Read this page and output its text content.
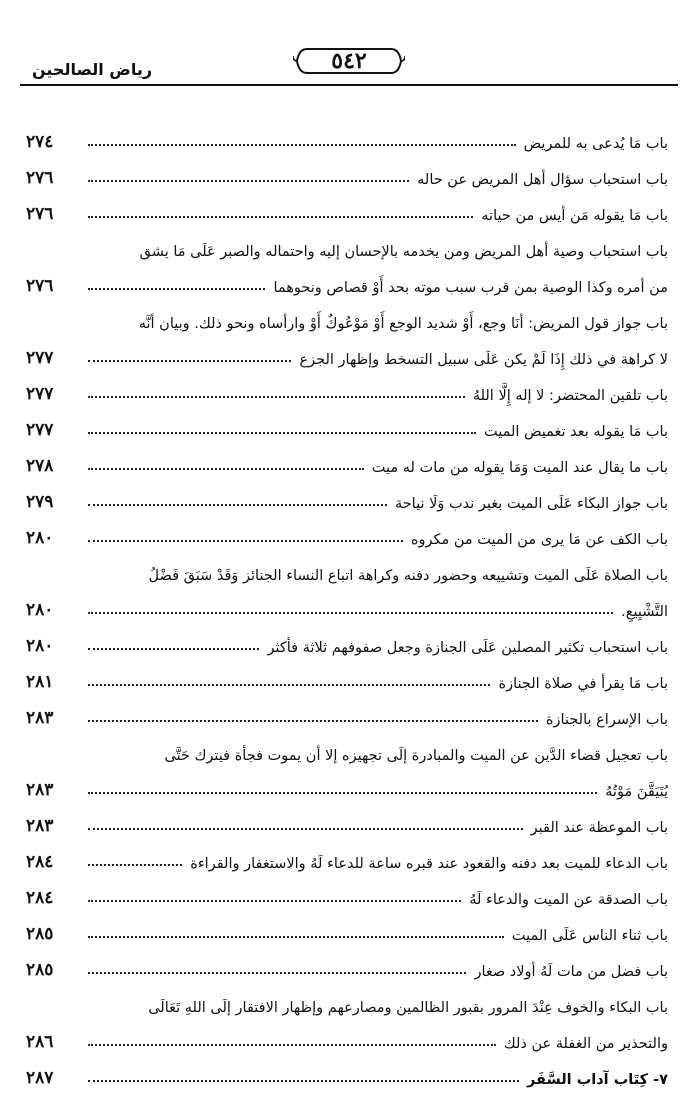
رياض الصالحين	٥٤٢
باب مَا يُدعى به للمريض
٢٧٤
باب استحباب سؤال أهل المريض عن حاله
٢٧٦
باب مَا يقوله مَن أيس من حياته
٢٧٦
باب استحباب وصية أهل المريض ومن يخدمه بالإحسان إليه واحتماله والصبر عَلَى مَا يشق
من أمره وكذا الوصية بمن قرب سبب موته بحد أَوْ قصاص ونحوهما
٢٧٦
باب جواز قول المريض: أنَا وجع، أَوْ شديد الوجع أَوْ مَوْعُوكٌ أَوْ وارأساه ونحو ذلك. وبيان أنَّه
لا كراهة في ذلك إِذَا لَمْ يكن عَلَى سبيل التسخط وإظهار الجزع
٢٧٧
باب تلقين المحتضر: لا إله إِلَّا اللهُ
٢٧٧
باب مَا يقوله بعد تغميض الميت
٢٧٧
باب ما يقال عند الميت وَمَا يقوله من مات له ميت
٢٧٨
باب جواز البكاء عَلَى الميت بغير ندب وَلَا نياحة
٢٧٩
باب الكف عن مَا يرى من الميت من مكروه
٢٨٠
باب الصلاة عَلَى الميت وتشييعه وحضور دفنه وكراهة اتباع النساء الجنائز وَقَدْ سَبَقَ فَضْلُ
التَّشْيِيعِ.
٢٨٠
باب استحباب تكثير المصلين عَلَى الجنازة وجعل صفوفهم ثلاثة فأكثر
٢٨٠
باب مَا يقرأ في صلاة الجنازة
٢٨١
باب الإسراع بالجنازة
٢٨٣
باب تعجيل قضاء الدَّين عن الميت والمبادرة إِلَى تجهيزه إلا أن يموت فجأة فيترك حَتَّى
يُتَيَقَّنَ مَوْتُهُ
٢٨٣
باب الموعظة عند القبر
٢٨٣
باب الدعاء للميت بعد دفنه والقعود عند قبره ساعة للدعاء لَهُ والاستغفار والقراءة
٢٨٤
باب الصدقة عن الميت والدعاء لَهُ
٢٨٤
باب ثناء الناس عَلَى الميت
٢٨٥
باب فضل من مات لَهُ أولاد صغار
٢٨٥
باب البكاء والخوف عِنْدَ المرور بقبور الظالمين ومصارعهم وإظهار الافتقار إِلَى اللهِ تَعَالَى
والتحذير من الغفلة عن ذلك
٢٨٦
٧- كِتَاب آداب السَّفَر
٢٨٧
